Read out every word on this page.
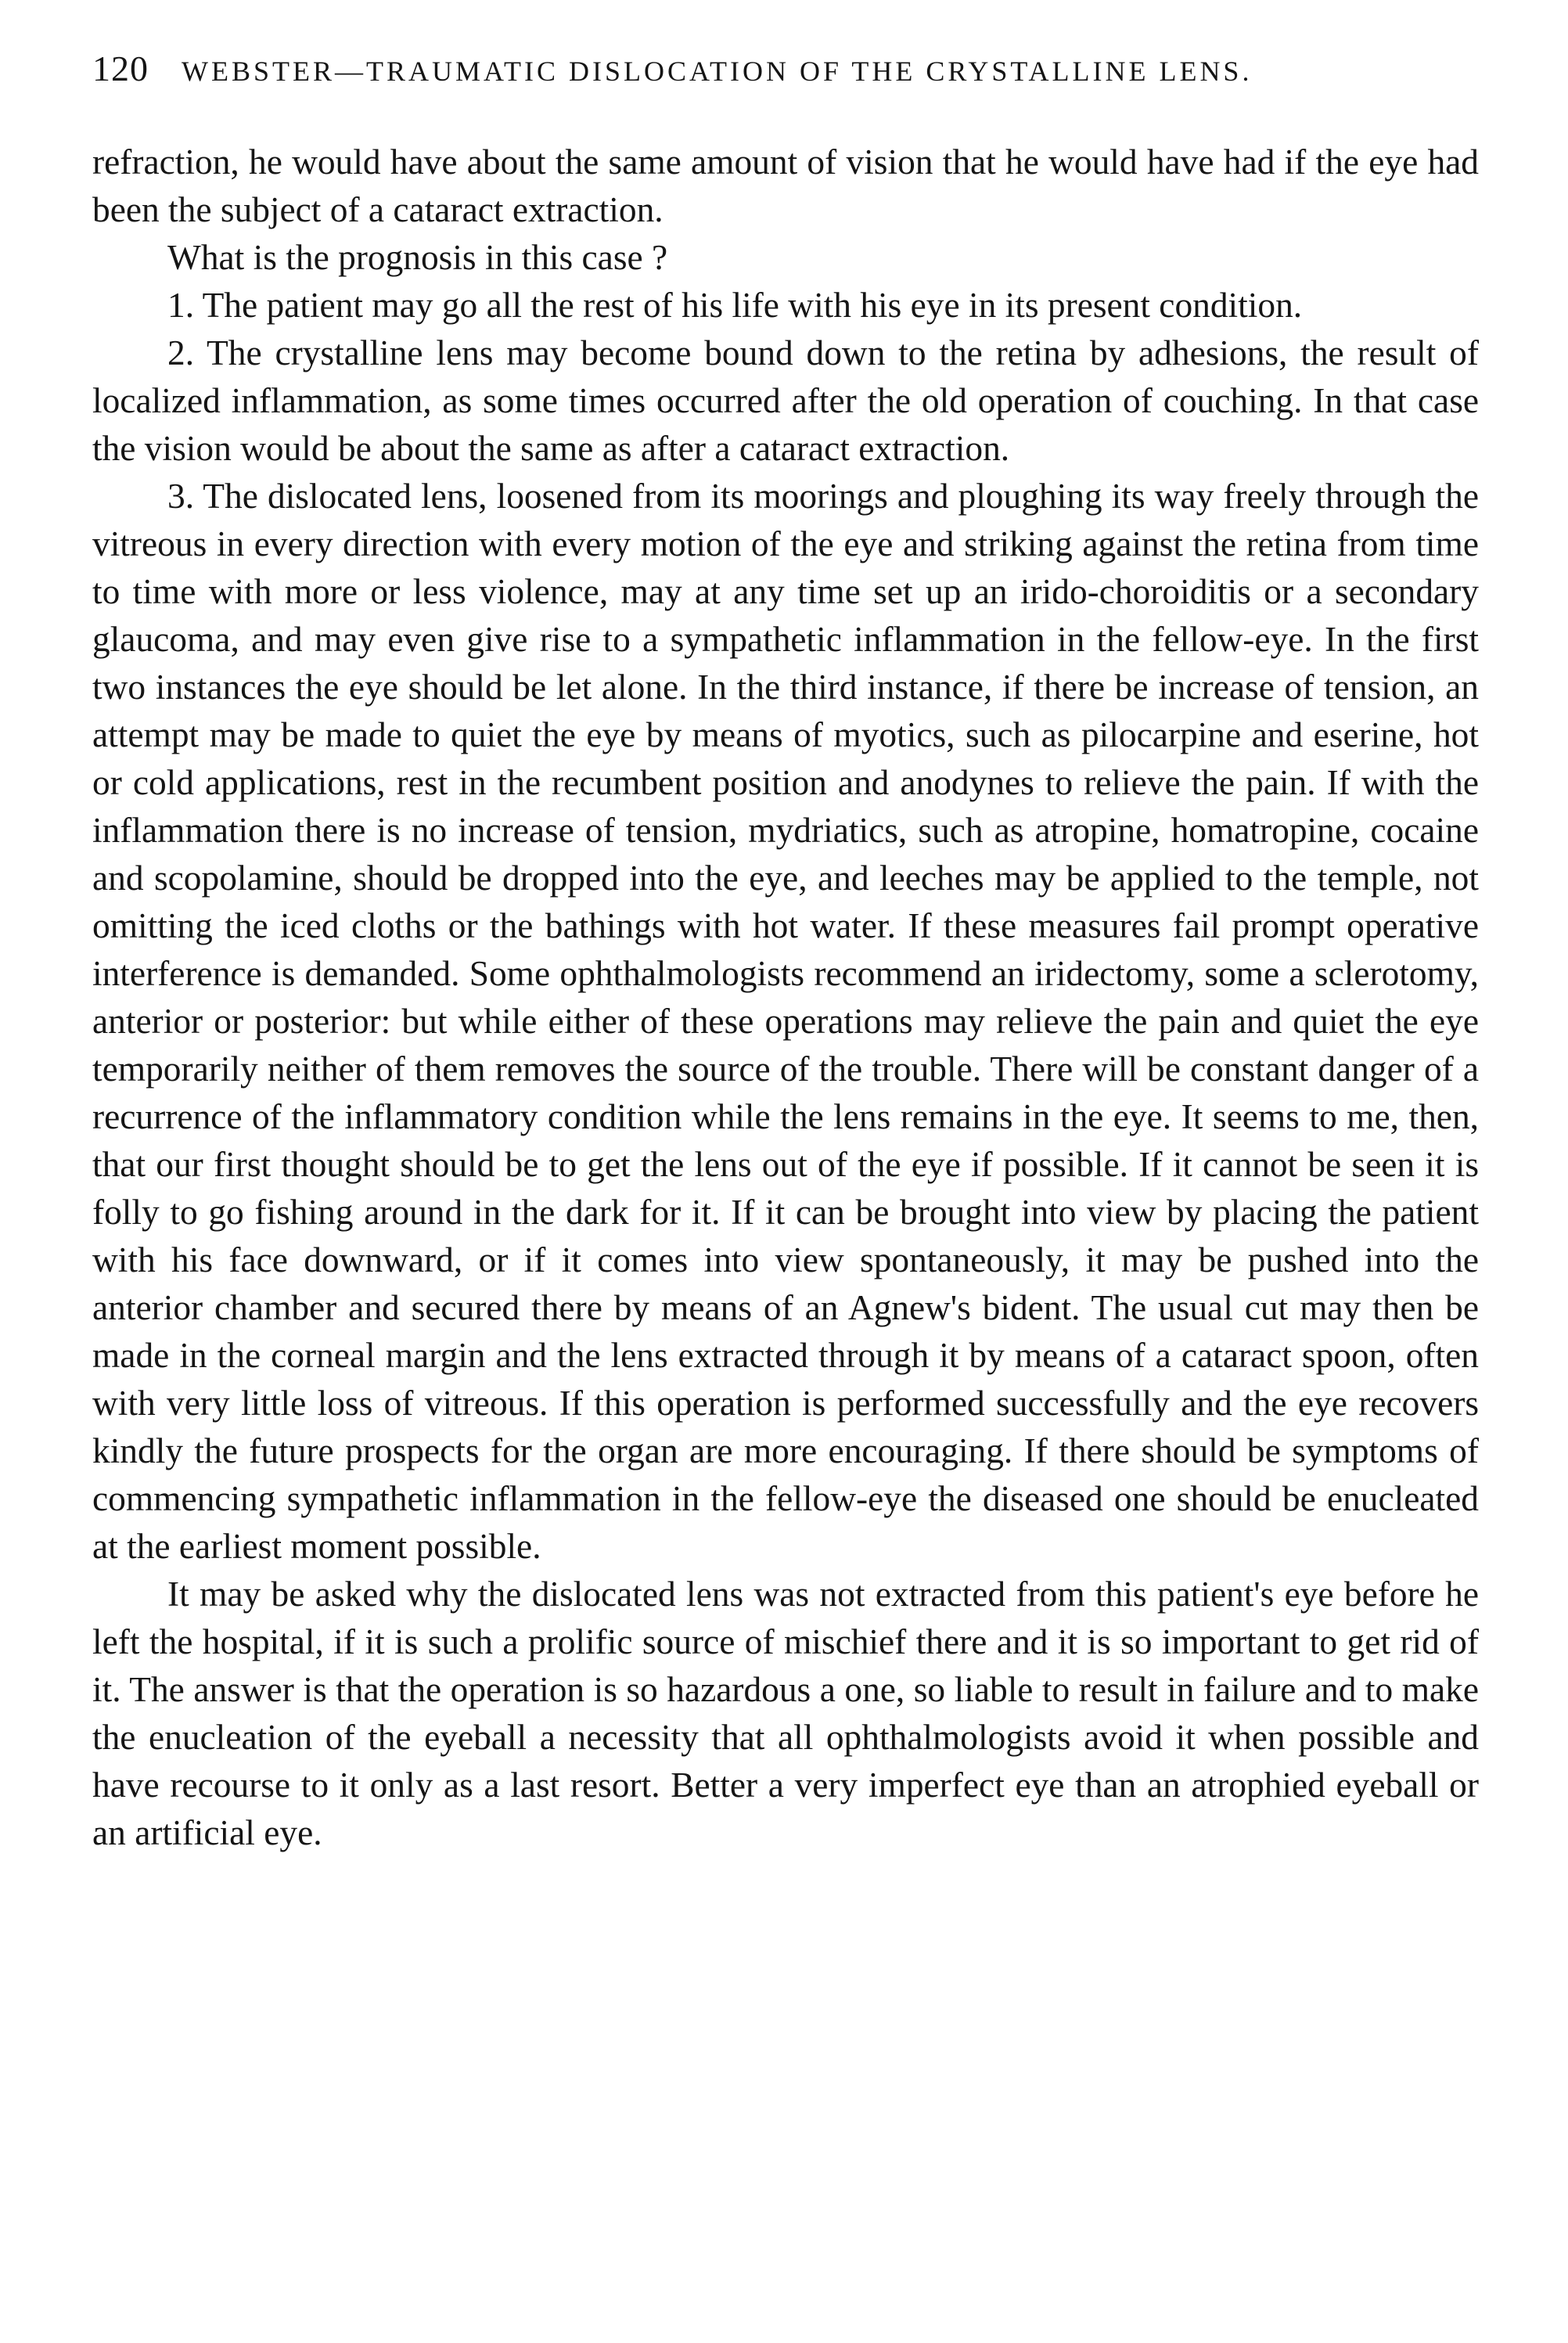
120 WEBSTER—TRAUMATIC DISLOCATION OF THE CRYSTALLINE LENS.

refraction, he would have about the same amount of vision that he would have had if the eye had been the subject of a cataract extraction.

What is the prognosis in this case ?

1. The patient may go all the rest of his life with his eye in its present condition.

2. The crystalline lens may become bound down to the retina by adhesions, the result of localized inflammation, as some times occurred after the old operation of couching. In that case the vision would be about the same as after a cataract extraction.

3. The dislocated lens, loosened from its moorings and ploughing its way freely through the vitreous in every direction with every motion of the eye and striking against the retina from time to time with more or less violence, may at any time set up an irido-choroiditis or a secondary glaucoma, and may even give rise to a sympathetic inflammation in the fellow-eye. In the first two instances the eye should be let alone. In the third instance, if there be increase of tension, an attempt may be made to quiet the eye by means of myotics, such as pilocarpine and eserine, hot or cold applications, rest in the recumbent position and anodynes to relieve the pain. If with the inflammation there is no increase of tension, mydriatics, such as atropine, homatropine, cocaine and scopolamine, should be dropped into the eye, and leeches may be applied to the temple, not omitting the iced cloths or the bathings with hot water. If these measures fail prompt operative interference is demanded. Some ophthalmologists recommend an iridectomy, some a sclerotomy, anterior or posterior: but while either of these operations may relieve the pain and quiet the eye temporarily neither of them removes the source of the trouble. There will be constant danger of a recurrence of the inflammatory condition while the lens remains in the eye. It seems to me, then, that our first thought should be to get the lens out of the eye if possible. If it cannot be seen it is folly to go fishing around in the dark for it. If it can be brought into view by placing the patient with his face downward, or if it comes into view spontaneously, it may be pushed into the anterior chamber and secured there by means of an Agnew's bident. The usual cut may then be made in the corneal margin and the lens extracted through it by means of a cataract spoon, often with very little loss of vitreous. If this operation is performed successfully and the eye recovers kindly the future prospects for the organ are more encouraging. If there should be symptoms of commencing sympathetic inflammation in the fellow-eye the diseased one should be enucleated at the earliest moment possible.

It may be asked why the dislocated lens was not extracted from this patient's eye before he left the hospital, if it is such a prolific source of mischief there and it is so important to get rid of it. The answer is that the operation is so hazardous a one, so liable to result in failure and to make the enucleation of the eyeball a necessity that all ophthalmologists avoid it when possible and have recourse to it only as a last resort. Better a very imperfect eye than an atrophied eyeball or an artificial eye.
